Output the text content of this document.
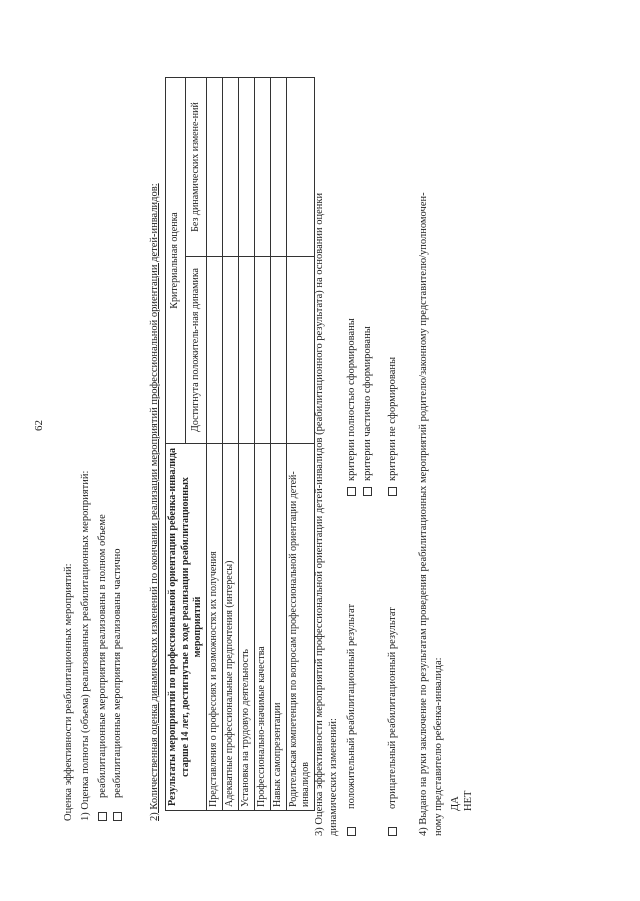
62
Оценка эффективности реабилитационных мероприятий: 1) Оценка полноты (объема) реализованных реабилитационных мероприятий: реабилитационные мероприятия реализованы в полном объеме реабилитационные мероприятия реализованы частично 2) Количественная оценка динамических изменений по окончании реализации мероприятий профессиональной ориентации детей-инвалидов: Результаты мероприятий по профессиональной ориентации ребенка-инвалида старше 14 лет, достигнутые в ходе реализации реабилитационных мероприятий	Критериальная оценка	
	Достигнута положитель-ная динамика	Без динамических измене-ний
Представления о профессиях и возможностях их получения		
Адекватные профессиональные предпочтения (интересы)		
Установка на трудовую деятельность		
Профессионально-значимые качества		
Навык самопрезентации		
Родительская компетенция по вопросам профессиональной ориентации детей-инвалидов		3) Оценка эффективности мероприятий профессиональной ориентации детей-инвалидов (реабилитационного результата) на основании оценки динамических изменений: положительный реабилитационный результат
критерии полностью сформированы критерии частично сформированы
отрицательный реабилитационный результат
критерии не сформированы 4) Выдано на руки заключение по результатам проведения реабилитационных мероприятий родителю/законному представителю/уполномочен- ному представителю ребенка-инвалида: ДА НЕТ
